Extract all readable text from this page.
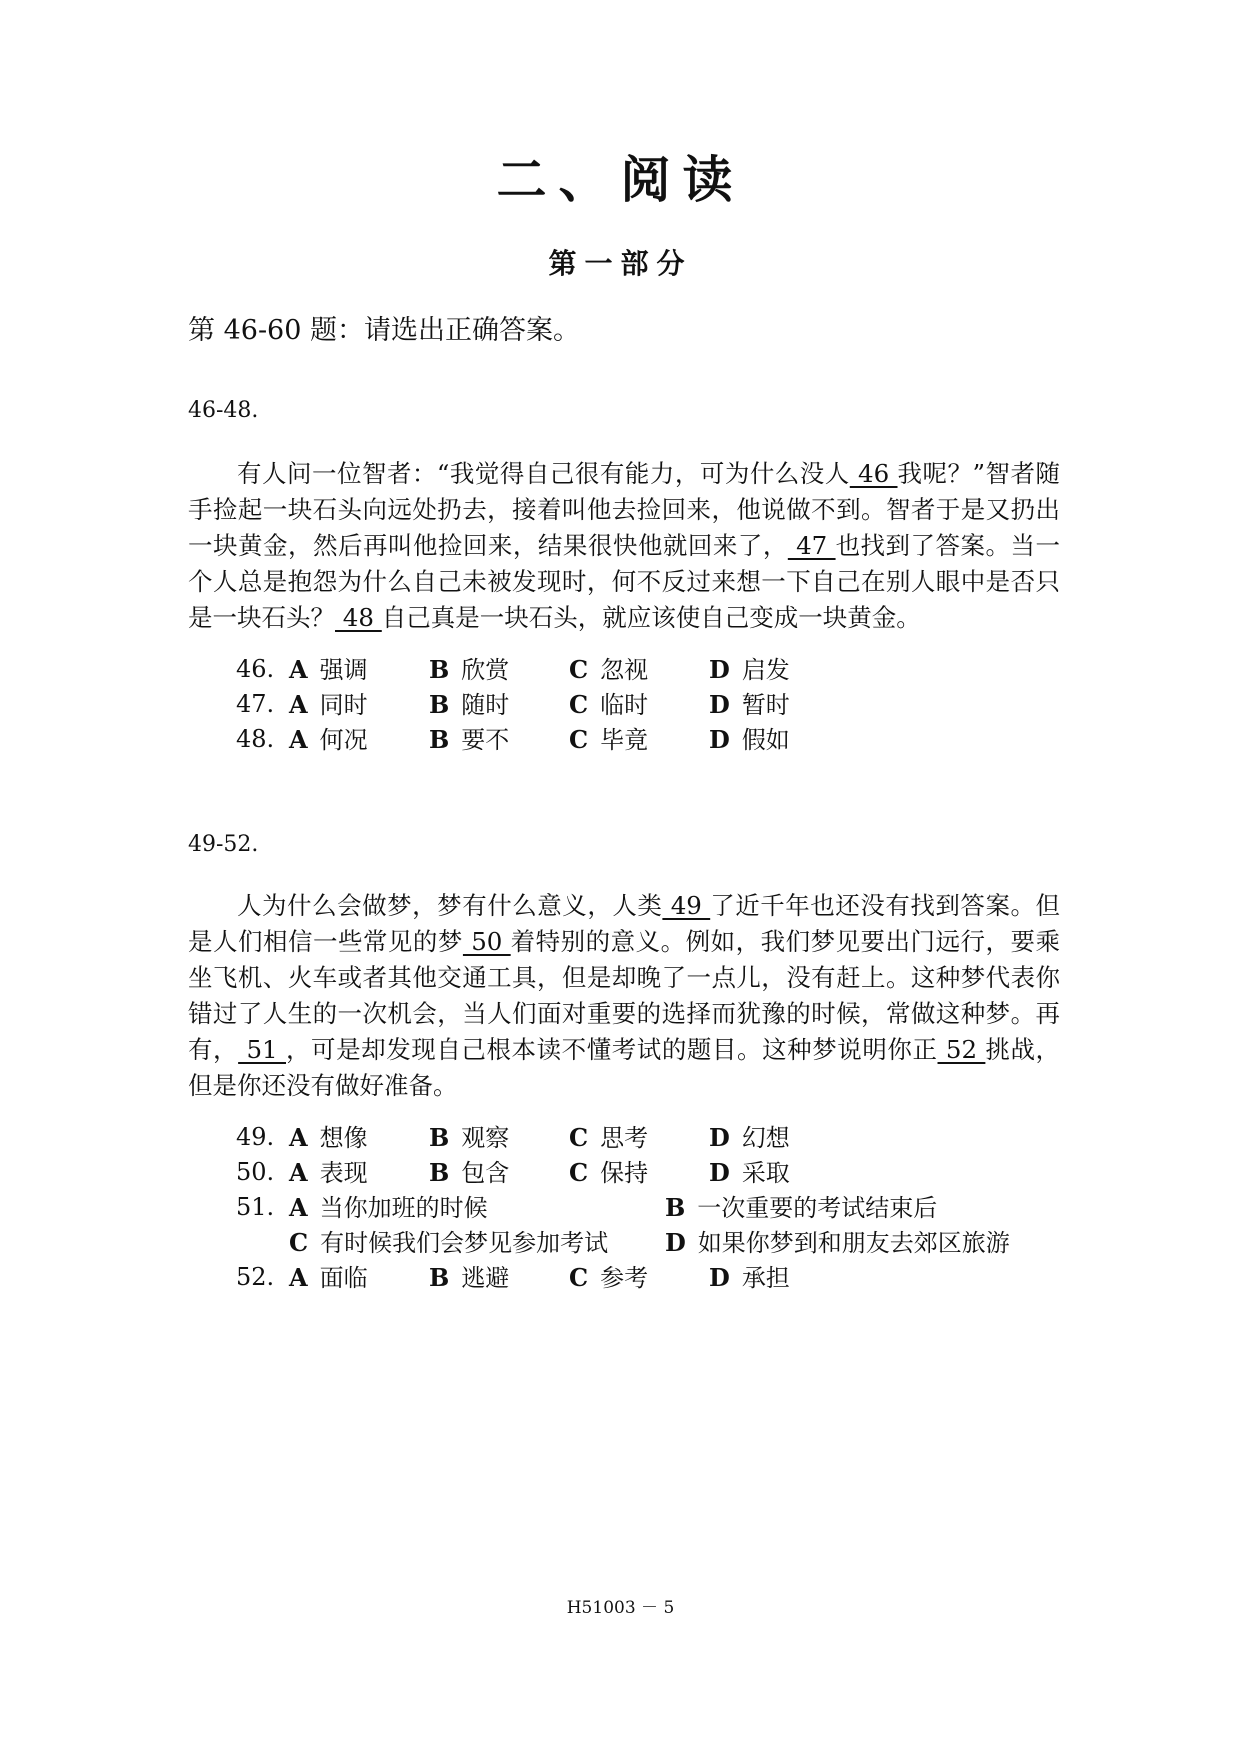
二、阅读
第一部分
第 46-60 题：请选出正确答案。
46-48.
有人问一位智者：“我觉得自己很有能力，可为什么没人 46 我呢？”智者随手捡起一块石头向远处扔去，接着叫他去捡回来，他说做不到。智者于是又扔出一块黄金，然后再叫他捡回来，结果很快他就回来了， 47 也找到了答案。当一个人总是抱怨为什么自己未被发现时，何不反过来想一下自己在别人眼中是否只是一块石头？ 48 自己真是一块石头，就应该使自己变成一块黄金。
46. A 强调	B 欣赏 C 忽视	D 启发
47. A 同时	B 随时 C 临时	D 暂时
48. A 何况	B 要不 C 毕竟	D 假如
49-52.
人为什么会做梦，梦有什么意义，人类 49 了近千年也还没有找到答案。但是人们相信一些常见的梦 50 着特别的意义。例如，我们梦见要出门远行，要乘坐飞机、火车或者其他交通工具，但是却晚了一点儿，没有赶上。这种梦代表你错过了人生的一次机会，当人们面对重要的选择而犹豫的时候，常做这种梦。再有， 51 ，可是却发现自己根本读不懂考试的题目。这种梦说明你正 52 挑战，但是你还没有做好准备。
49. A 想像	B 观察 C 思考	D 幻想
50. A 表现	B 包含 C 保持	D 采取
51. A 当你加班的时候	B 一次重要的考试结束后
C 有时候我们会梦见参加考试 D 如果你梦到和朋友去郊区旅游
52. A 面临	B 逃避 C 参考	D 承担
H51003 － 5
